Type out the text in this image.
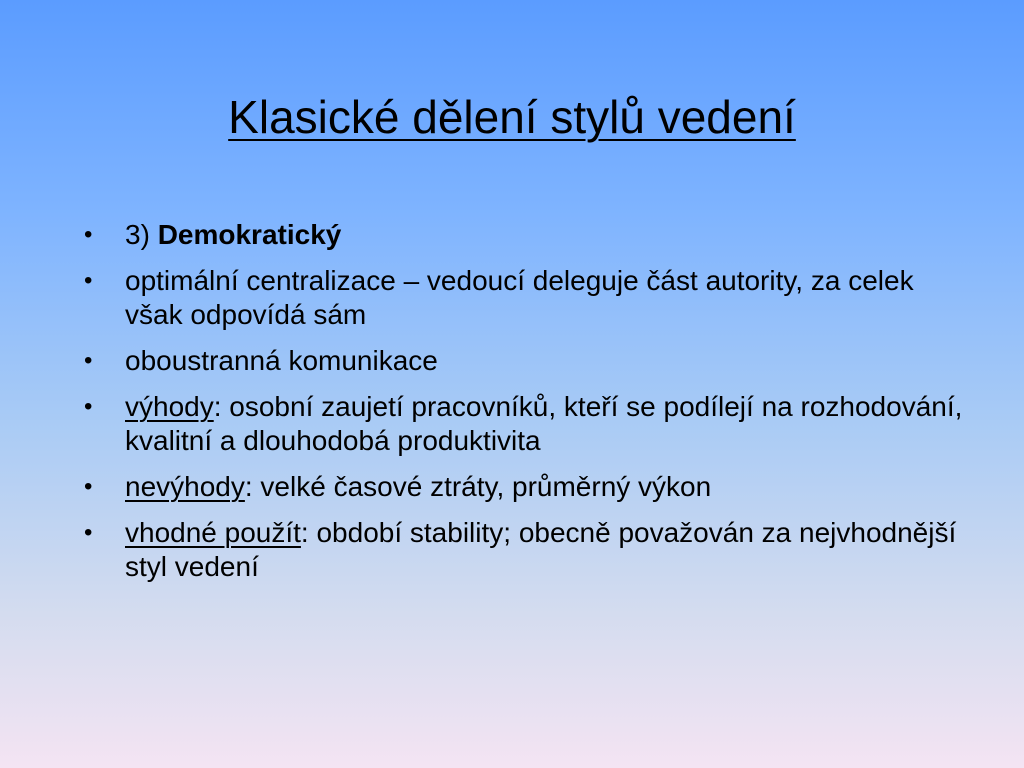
Klasické dělení stylů vedení
•	3) Demokratický
•	optimální centralizace – vedoucí deleguje část autority, za celek však odpovídá sám
•	oboustranná komunikace
•	výhody: osobní zaujetí pracovníků, kteří se podílejí na rozhodování, kvalitní a dlouhodobá produktivita
•	nevýhody: velké časové ztráty, průměrný výkon
•	vhodné použít: období stability; obecně považován za nejvhodnější styl vedení
